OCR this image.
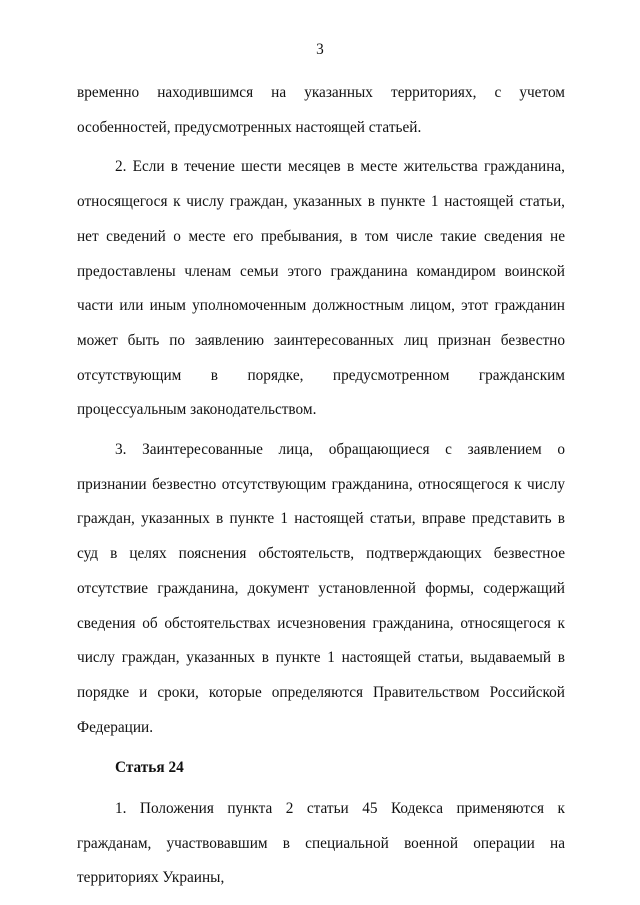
3

временно находившимся на указанных территориях, с учетом особенностей, предусмотренных настоящей статьей.

2. Если в течение шести месяцев в месте жительства гражданина, относящегося к числу граждан, указанных в пункте 1 настоящей статьи, нет сведений о месте его пребывания, в том числе такие сведения не предоставлены членам семьи этого гражданина командиром воинской части или иным уполномоченным должностным лицом, этот гражданин может быть по заявлению заинтересованных лиц признан безвестно отсутствующим в порядке, предусмотренном гражданским процессуальным законодательством.

3. Заинтересованные лица, обращающиеся с заявлением о признании безвестно отсутствующим гражданина, относящегося к числу граждан, указанных в пункте 1 настоящей статьи, вправе представить в суд в целях пояснения обстоятельств, подтверждающих безвестное отсутствие гражданина, документ установленной формы, содержащий сведения об обстоятельствах исчезновения гражданина, относящегося к числу граждан, указанных в пункте 1 настоящей статьи, выдаваемый в порядке и сроки, которые определяются Правительством Российской Федерации.

Статья 24

1. Положения пункта 2 статьи 45 Кодекса применяются к гражданам, участвовавшим в специальной военной операции на территориях Украины,
